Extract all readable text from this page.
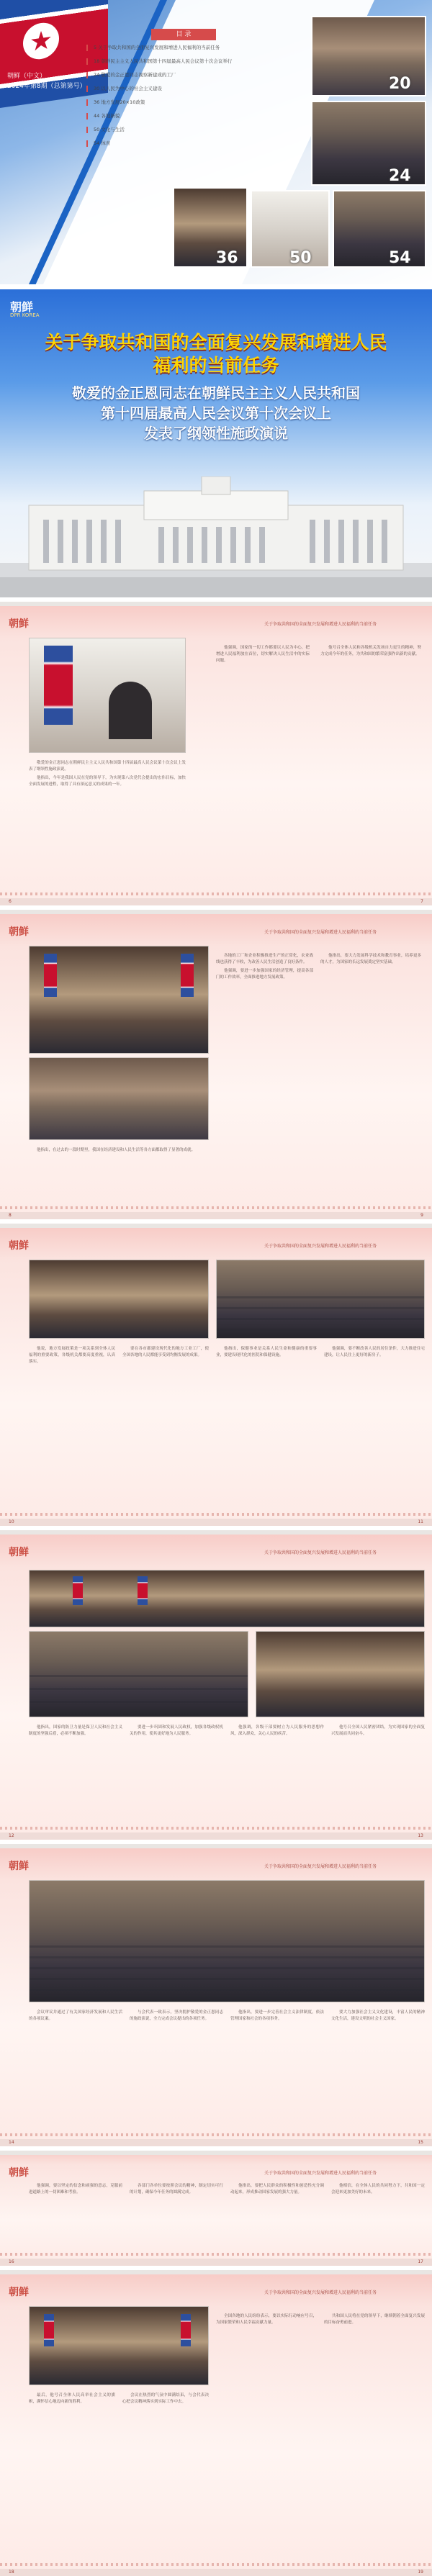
★
朝鲜（中文）
2024年第8期（总第第号）
目 录
5 关于争取共和国的全面复兴发展和增进人民福利的当前任务
18 朝鲜民主主义人民共和国第十四届最高人民会议第十次会议举行
24 敬爱的金正恩同志视察新建成的工厂
30 以人民为中心的社会主义建设
36 地方发展20×10政策
44 各地新貌
50 文化与生活
54 体育
20
24
36	50	54
朝鲜
DPR KOREA
关于争取共和国的全面复兴发展和增进人民
福利的当前任务
敬爱的金正恩同志在朝鲜民主主义人民共和国
第十四届最高人民会议第十次会议上
发表了纲领性施政演说
朝鲜	关于争取共和国的全面复兴发展和增进人民福利的当前任务

敬爱的金正恩同志在朝鲜民主主义人民共和国第十四届最高人民会议第十次会议上发表了纲领性施政演说。

他指出，今年是我国人民在党的领导下，为实现第八次党代会提出的宏伟目标，加快全面发展的进程，取得了具有深远意义的成果的一年。

他强调，国家的一切工作都要以人民为中心，把增进人民福利放在首位，切实解决人民生活中的实际问题。

他号召全体人民和各级机关发扬自力更生的精神，努力完成今年的任务，为共和国的繁荣富强作出新的贡献。

6	7
朝鲜	关于争取共和国的全面复兴发展和增进人民福利的当前任务

他指出，在过去的一段时期里，我国在经济建设和人民生活等各方面都取得了显著的成就。

各地的工厂和企业积极推进生产的正常化，农业战线也获得了丰收，为改善人民生活创造了良好条件。

他强调，要进一步加强国家的经济管理，提高各部门的工作效率，全面推进地方发展政策。

他指出，要大力发展科学技术和教育事业，培养更多的人才，为国家的长远发展奠定坚实基础。

8	9
朝鲜	关于争取共和国的全面复兴发展和增进人民福利的当前任务

他说，地方发展政策是一项关系到全体人民福利的重要政策，各级机关都要高度重视，认真落实。

要在各市郡建设现代化的地方工业工厂，使全国各地的人民都能享受到均衡发展的成果。

他指出，保健事业是关系人民生命和健康的重要事业，要建设现代化的医院和保健设施。

他强调，要不断改善人民的居住条件，大力推进住宅建设，让人民住上更好的新房子。

10	11
朝鲜	关于争取共和国的全面复兴发展和增进人民福利的当前任务

他指出，国家的防卫力量是保卫人民和社会主义制度的坚强后盾，必须不断加强。

要进一步巩固和发展人民政权，加强各级政权机关的作用，使其更好地为人民服务。

他强调，各级干部要树立为人民服务的思想作风，深入群众，关心人民的疾苦。

他号召全国人民紧密团结，为实现国家的全面复兴发展而共同奋斗。

12	13
朝鲜	关于争取共和国的全面复兴发展和增进人民福利的当前任务

会议审议并通过了有关国家经济发展和人民生活的各项议案。

与会代表一致表示，坚决拥护敬爱的金正恩同志的施政演说，全力完成会议提出的各项任务。

他指出，要进一步完善社会主义法律制度，依法管理国家和社会的各项事务。

要大力加强社会主义文化建设，丰富人民的精神文化生活，建设文明的社会主义国家。

14	15
朝鲜	关于争取共和国的全面复兴发展和增进人民福利的当前任务

他强调，要以坚定的信念和顽强的意志，克服前进道路上的一切困难和考验。

各部门各单位要按照会议的精神，制定切实可行的计划，确保今年任务的圆满完成。

他指出，要把人民群众的积极性和创造性充分调动起来，形成推动国家发展的强大力量。

他相信，在全体人民的共同努力下，共和国一定会迎来更加美好的未来。

16	17
朝鲜	关于争取共和国的全面复兴发展和增进人民福利的当前任务

最后，他号召全体人民高举社会主义的旗帜，满怀信心地迈向新的胜利。

会议在热烈的气氛中圆满结束，与会代表决心把会议精神落实到实际工作中去。

全国各地的人民纷纷表示，要以实际行动响应号召，为国家繁荣和人民幸福贡献力量。

共和国人民将在党的领导下，继续朝着全面复兴发展的目标奋勇前进。

18	19
